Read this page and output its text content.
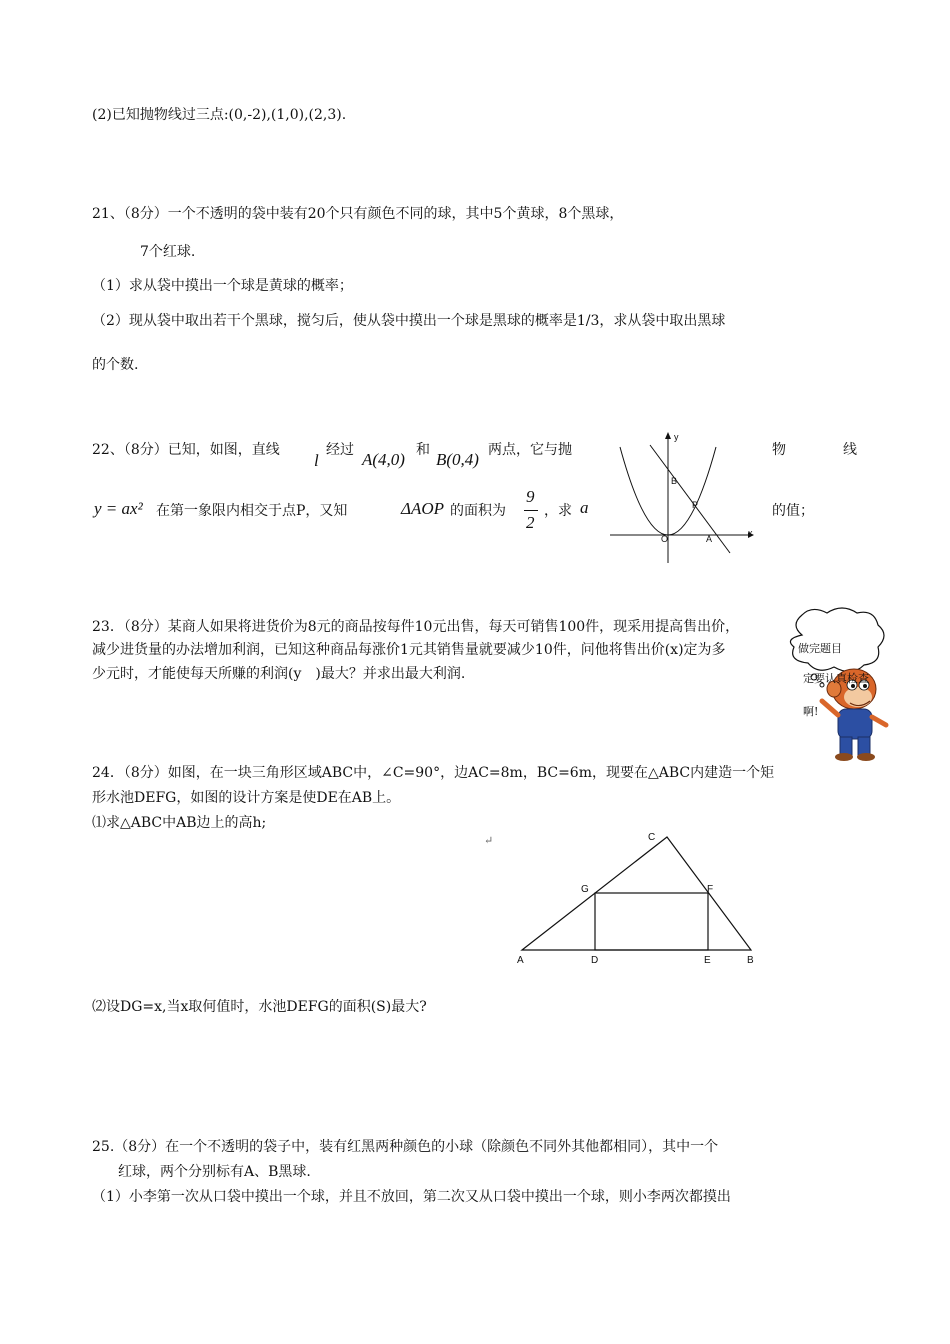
(2)已知抛物线过三点:(0,-2),(1,0),(2,3).
21、（8分）一个不透明的袋中装有20个只有颜色不同的球，其中5个黄球，8个黑球，
7个红球.
（1）求从袋中摸出一个球是黄球的概率；
（2）现从袋中取出若干个黑球，搅匀后，使从袋中摸出一个球是黑球的概率是1/3，求从袋中取出黑球
的个数.
22、（8分）已知，如图，直线
l
经过 A(4,0) 和 B(0,4) 两点，它与抛	物	线
y = ax² 在第一象限内相交于点P，又知	ΔAOP 的面积为
9
2
，求 a	的值；
y
x
O	A
B
P
23．（8分）某商人如果将进货价为8元的商品按每件10元出售，每天可销售100件，现采用提高售出价，
减少进货量的办法增加利润，已知这种商品每涨价1元其销售量就要减少10件，问他将售出价(x)定为多
少元时，才能使每天所赚的利润(y　)最大？并求出最大利润.
做完题目
定要认真检查
啊!
24．（8分）如图，在一块三角形区域ABC中，∠C=90°，边AC=8m，BC=6m，现要在△ABC内建造一个矩
形水池DEFG，如图的设计方案是使DE在AB上。
⑴求△ABC中AB边上的高h;
↵	C
G	F
A	D	E	B
⑵设DG=x,当x取何值时，水池DEFG的面积(S)最大?
25.（8分）在一个不透明的袋子中，装有红黑两种颜色的小球（除颜色不同外其他都相同），其中一个
红球，两个分别标有A、B黑球.
（1）小李第一次从口袋中摸出一个球，并且不放回，第二次又从口袋中摸出一个球，则小李两次都摸出
